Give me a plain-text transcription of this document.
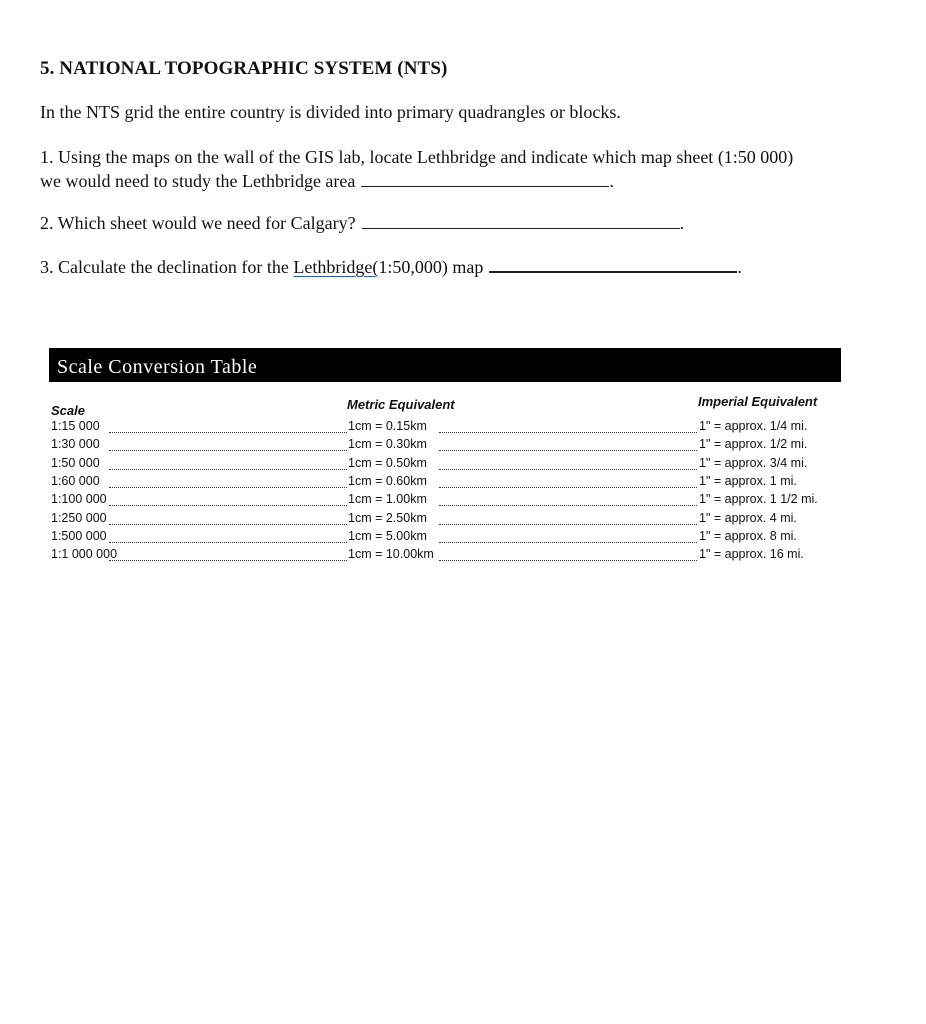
5. NATIONAL TOPOGRAPHIC SYSTEM (NTS)
In the NTS grid the entire country is divided into primary quadrangles or blocks.
1. Using the maps on the wall of the GIS lab, locate Lethbridge and indicate which map sheet (1:50 000)
we would need to study the Lethbridge area	.
2. Which sheet would we need for Calgary?	.
3. Calculate the declination for the Lethbridge(1:50,000) map	.
Scale Conversion Table
Scale	Metric Equivalent	Imperial Equivalent
1:15 000	1cm = 0.15km	1" = approx. 1/4 mi.
1:30 000	1cm = 0.30km	1" = approx. 1/2 mi.
1:50 000	1cm = 0.50km	1" = approx. 3/4 mi.
1:60 000	1cm = 0.60km	1" = approx. 1 mi.
1:100 000	1cm = 1.00km	1" = approx. 1 1/2 mi.
1:250 000	1cm = 2.50km	1" = approx. 4 mi.
1:500 000	1cm = 5.00km	1" = approx. 8 mi.
1:1 000 000	1cm = 10.00km	1" = approx. 16 mi.
